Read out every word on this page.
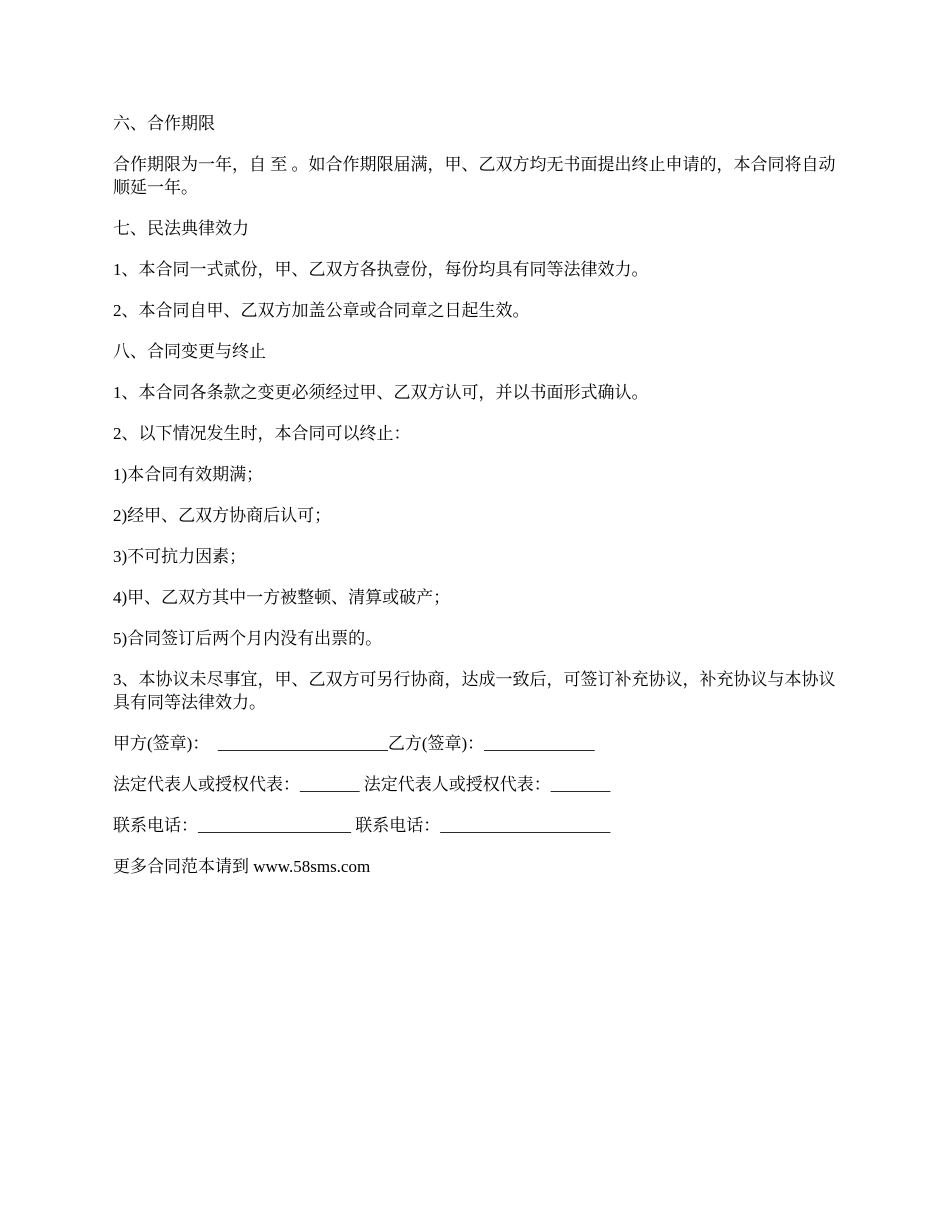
六、合作期限

合作期限为一年，自 至 。如合作期限届满，甲、乙双方均无书面提出终止申请的，本合同将自动顺延一年。

七、民法典律效力

1、本合同一式贰份，甲、乙双方各执壹份，每份均具有同等法律效力。

2、本合同自甲、乙双方加盖公章或合同章之日起生效。

八、合同变更与终止

1、本合同各条款之变更必须经过甲、乙双方认可，并以书面形式确认。

2、以下情况发生时，本合同可以终止：

1)本合同有效期满；

2)经甲、乙双方协商后认可；

3)不可抗力因素；

4)甲、乙双方其中一方被整顿、清算或破产；

5)合同签订后两个月内没有出票的。

3、本协议未尽事宜，甲、乙双方可另行协商，达成一致后，可签订补充协议，补充协议与本协议具有同等法律效力。

甲方(签章)：  ____________________乙方(签章)：_____________

法定代表人或授权代表：_______ 法定代表人或授权代表：_______

联系电话：__________________ 联系电话：____________________

更多合同范本请到 www.58sms.com
